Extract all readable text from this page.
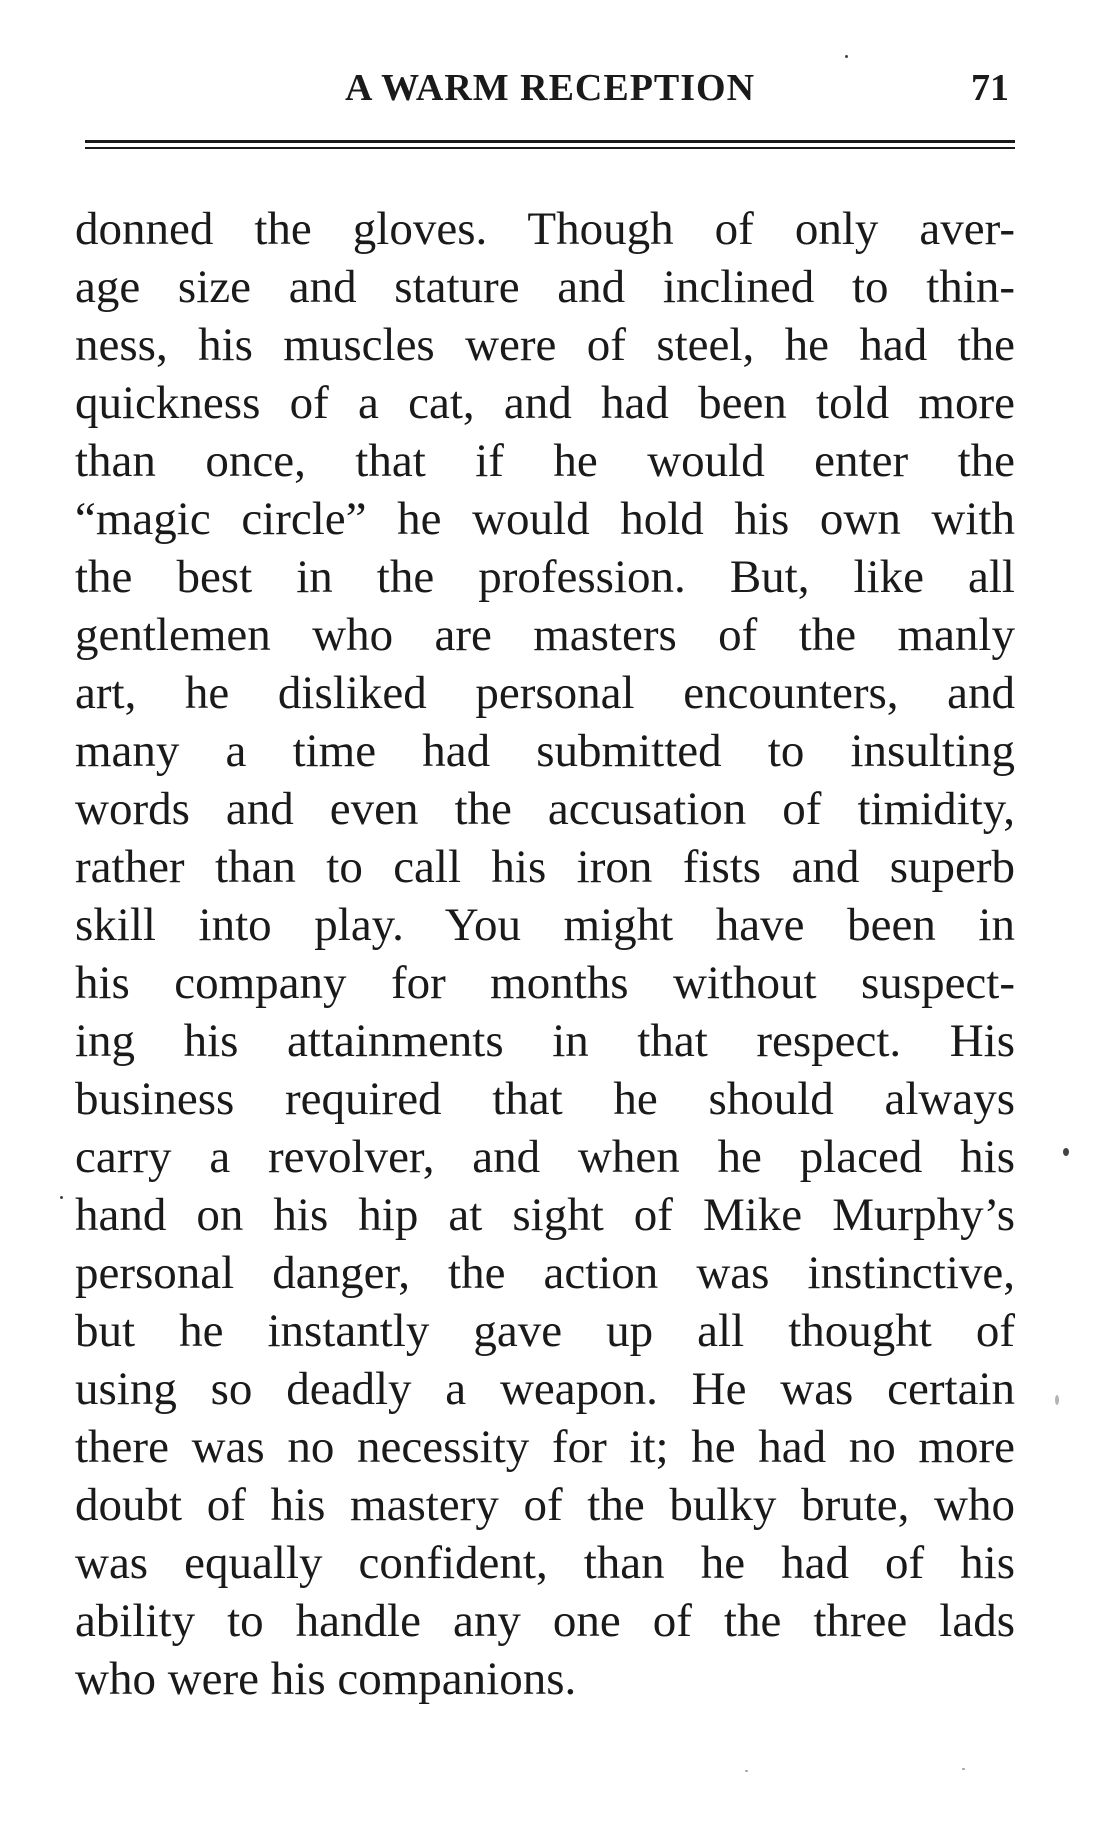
A WARM RECEPTION	71
donned the gloves. Though of only aver-
age size and stature and inclined to thin-
ness, his muscles were of steel, he had the
quickness of a cat, and had been told more
than once, that if he would enter the
“magic circle” he would hold his own with
the best in the profession. But, like all
gentlemen who are masters of the manly
art, he disliked personal encounters, and
many a time had submitted to insulting
words and even the accusation of timidity,
rather than to call his iron fists and superb
skill into play. You might have been in
his company for months without suspect-
ing his attainments in that respect. His
business required that he should always
carry a revolver, and when he placed his
hand on his hip at sight of Mike Murphy’s
personal danger, the action was instinctive,
but he instantly gave up all thought of
using so deadly a weapon. He was certain
there was no necessity for it; he had no more
doubt of his mastery of the bulky brute, who
was equally confident, than he had of his
ability to handle any one of the three lads
who were his companions.
